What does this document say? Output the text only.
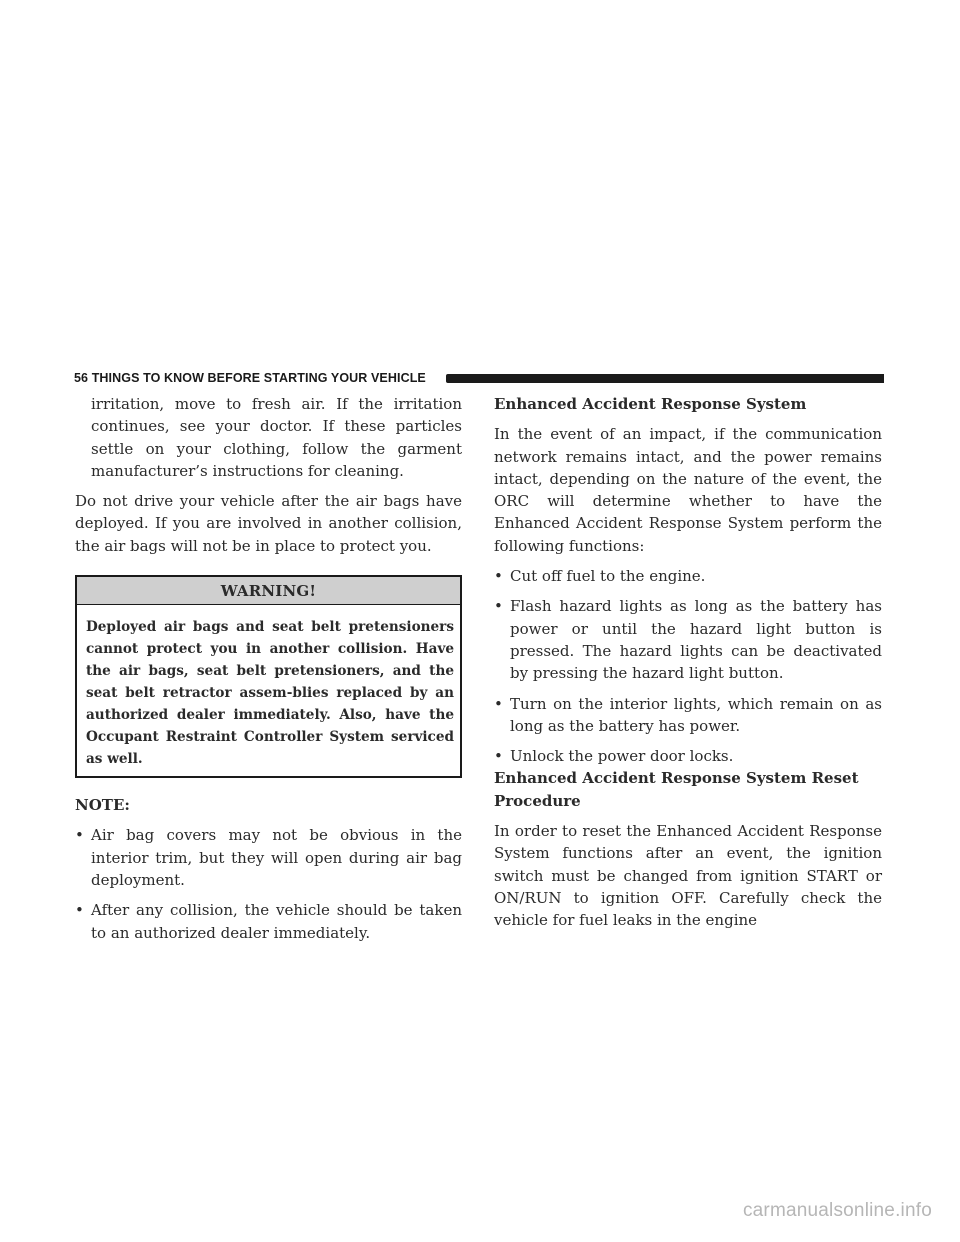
56 THINGS TO KNOW BEFORE STARTING YOUR VEHICLE

irritation, move to fresh air. If the irritation continues, see your doctor. If these particles settle on your clothing, follow the garment manufacturer’s instructions for cleaning.

Do not drive your vehicle after the air bags have deployed. If you are involved in another collision, the air bags will not be in place to protect you.

WARNING!
Deployed air bags and seat belt pretensioners cannot protect you in another collision. Have the air bags, seat belt pretensioners, and the seat belt retractor assem-blies replaced by an authorized dealer immediately. Also, have the Occupant Restraint Controller System serviced as well.

NOTE:

• Air bag covers may not be obvious in the interior trim, but they will open during air bag deployment.
• After any collision, the vehicle should be taken to an authorized dealer immediately.

Enhanced Accident Response System

In the event of an impact, if the communication network remains intact, and the power remains intact, depending on the nature of the event, the ORC will determine whether to have the Enhanced Accident Response System perform the following functions:

• Cut off fuel to the engine.
• Flash hazard lights as long as the battery has power or until the hazard light button is pressed. The hazard lights can be deactivated by pressing the hazard light button.
• Turn on the interior lights, which remain on as long as the battery has power.
• Unlock the power door locks.

Enhanced Accident Response System Reset
Procedure

In order to reset the Enhanced Accident Response System functions after an event, the ignition switch must be changed from ignition START or ON/RUN to ignition OFF. Carefully check the vehicle for fuel leaks in the engine

carmanualsonline.info
